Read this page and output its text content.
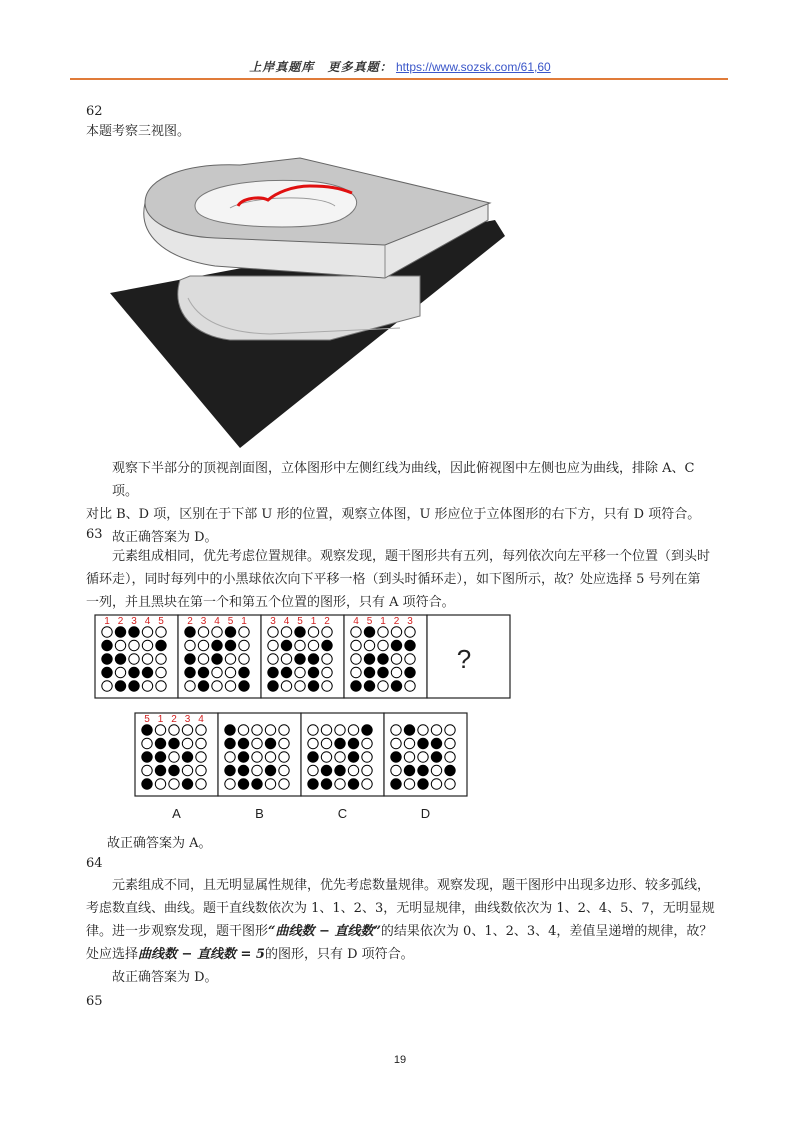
上岸真题库 更多真题： https://www.sozsk.com/61,60
62
本题考察三视图。
观察下半部分的顶视剖面图，立体图形中左侧红线为曲线，因此俯视图中左侧也应为曲线，排除 A、C 项。
对比 B、D 项，区别在于下部 U 形的位置，观察立体图，U 形应位于立体图形的右下方，只有 D 项符合。
故正确答案为 D。
63
元素组成相同，优先考虑位置规律。观察发现，题干图形共有五列，每列依次向左平移一个位置（到头时
循环走），同时每列中的小黑球依次向下平移一格（到头时循环走），如下图所示，故？处应选择 5 号列在第
一列，并且黑块在第一个和第五个位置的图形，只有 A 项符合。
1 2 3 4 5 2 3 4 5 1 3 4 5 1 2 4 5 1 2 3
?
5 1 2 3 4
A	B	C	D
故正确答案为 A。
64
元素组成不同，且无明显属性规律，优先考虑数量规律。观察发现，题干图形中出现多边形、较多弧线，
考虑数直线、曲线。题干直线数依次为 1、1、2、3，无明显规律，曲线数依次为 1、2、4、5、7，无明显规
律。进一步观察发现，题干图形“曲线数 − 直线数”的结果依次为 0、1、2、3、4，差值呈递增的规律，故？
处应选择曲线数 − 直线数 = 5的图形，只有 D 项符合。
故正确答案为 D。
65
19
